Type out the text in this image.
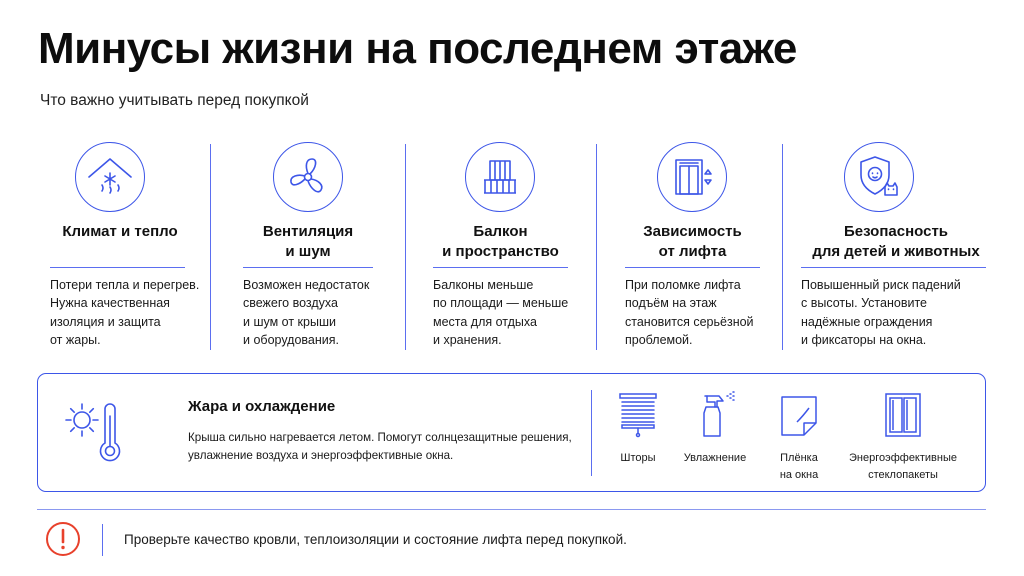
Минусы жизни на последнем этаже
Что важно учитывать перед покупкой
Климат и тепло
Потери тепла и перегрев.
Нужна качественная
изоляция и защита
от жары.
Вентиляция
и шум
Возможен недостаток
свежего воздуха
и шум от крыши
и оборудования.
Балкон
и пространство
Балконы меньше
по площади — меньше
места для отдыха
и хранения.
Зависимость
от лифта
При поломке лифта
подъём на этаж
становится серьёзной
проблемой.
Безопасность
для детей и животных
Повышенный риск падений
с высоты. Установите
надёжные ограждения
и фиксаторы на окна.
Жара и охлаждение
Крыша сильно нагревается летом. Помогут солнцезащитные решения,
увлажнение воздуха и энергоэффективные окна.	Шторы	Увлажнение	Плёнка
на окна
Энергоэффективные
стеклопакеты
Проверьте качество кровли, теплоизоляции и состояние лифта перед покупкой.
